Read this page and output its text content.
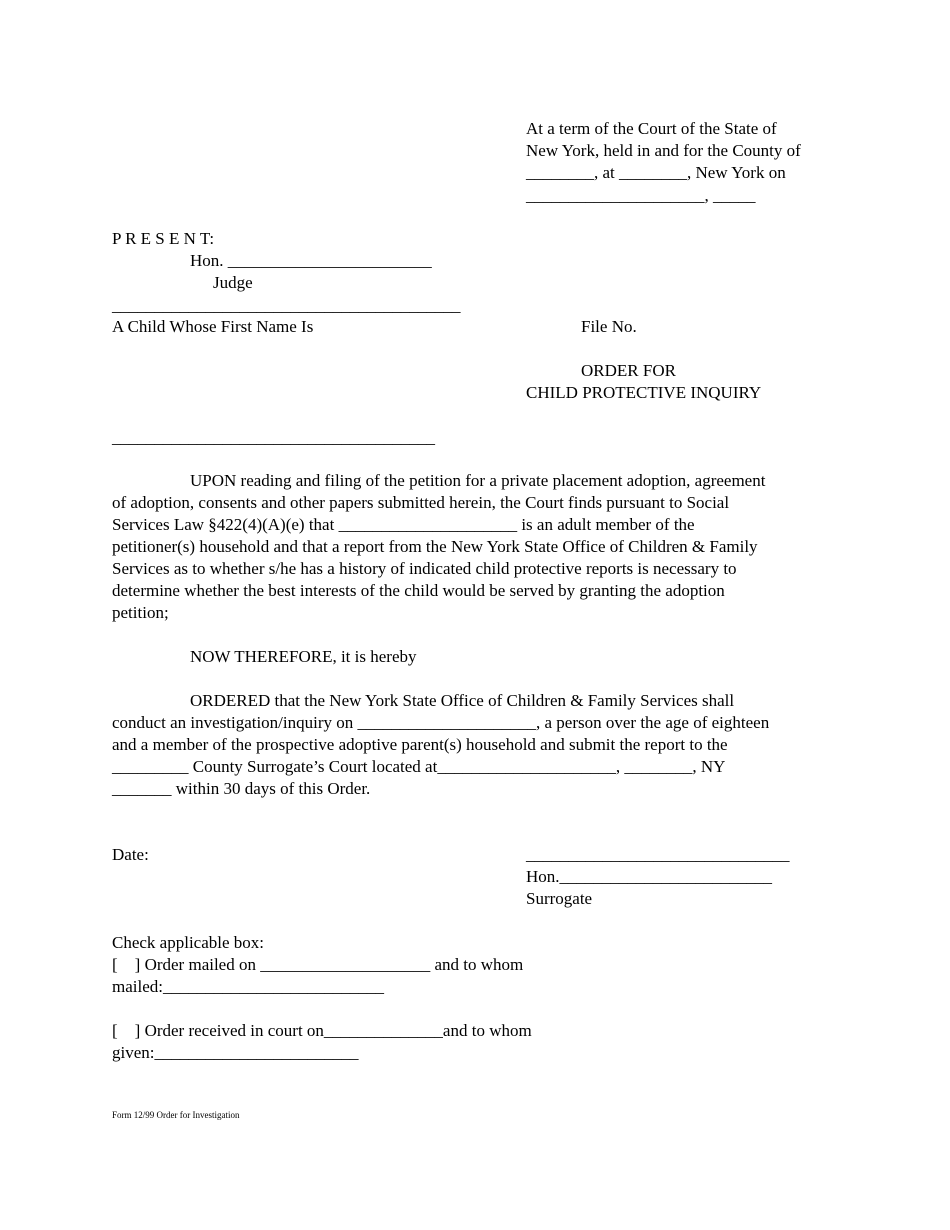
At a term of the Court of the State of
New York, held in and for the County of
________, at ________, New York on
_____________________, _____
P R E S E N T:
Hon. ________________________
Judge
_________________________________________
A Child Whose First Name Is	File No.
ORDER FOR
CHILD PROTECTIVE INQUIRY
______________________________________
UPON reading and filing of the petition for a private placement adoption, agreement
of adoption, consents and other papers submitted herein, the Court finds pursuant to Social
Services Law §422(4)(A)(e) that _____________________ is an adult member of the
petitioner(s) household and that a report from the New York State Office of Children & Family
Services as to whether s/he has a history of indicated child protective reports is necessary to
determine whether the best interests of the child would be served by granting the adoption
petition;
NOW THEREFORE, it is hereby
ORDERED that the New York State Office of Children & Family Services shall
conduct an investigation/inquiry on _____________________, a person over the age of eighteen
and a member of the prospective adoptive parent(s) household and submit the report to the
_________ County Surrogate’s Court located at_____________________, ________, NY
_______ within 30 days of this Order.
Date:	_______________________________
Hon._________________________
Surrogate
Check applicable box:
[    ] Order mailed on ____________________ and to whom
mailed:__________________________
[    ] Order received in court on______________and to whom
given:________________________
Form 12/99 Order for Investigation
